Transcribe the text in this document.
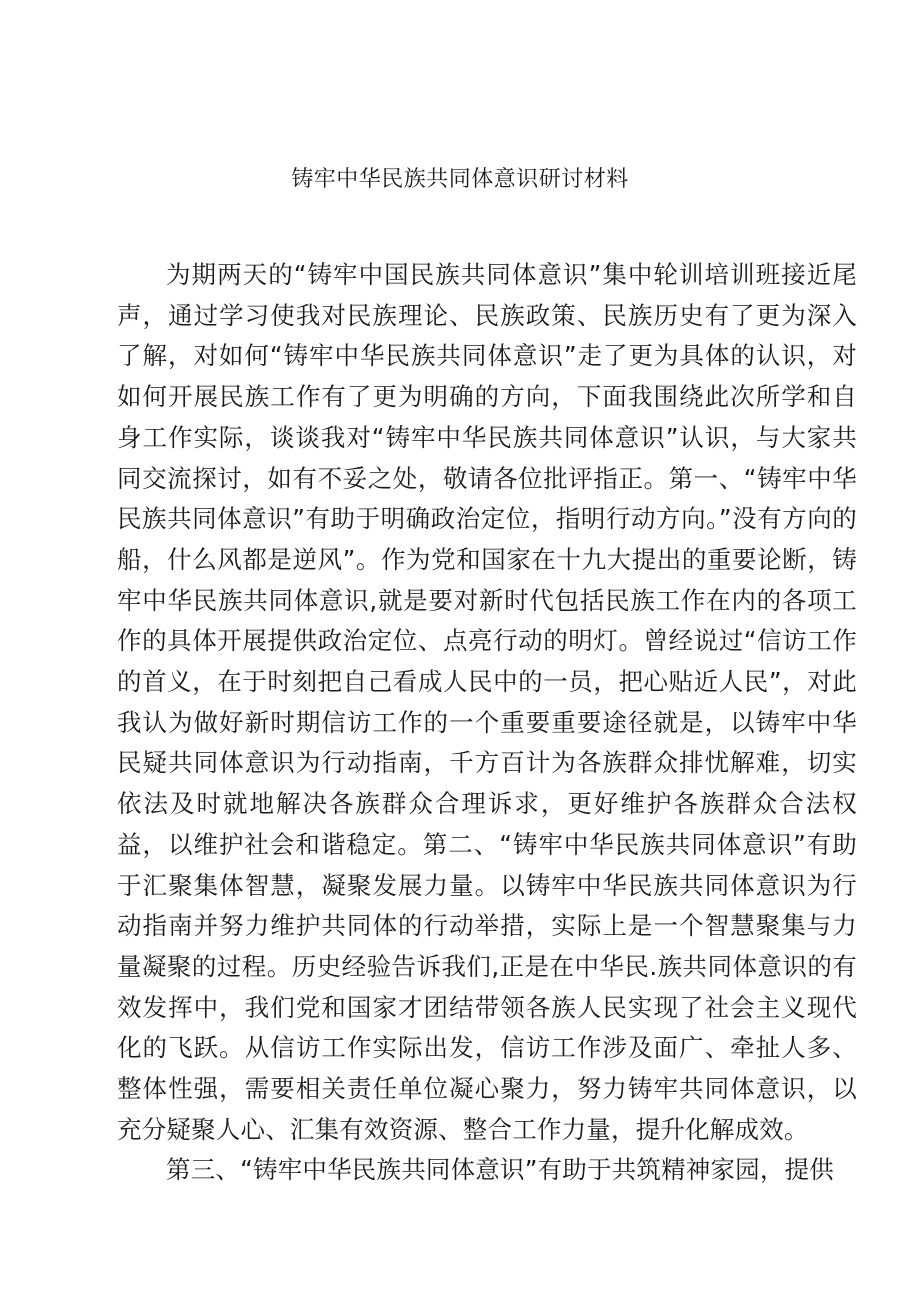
铸牢中华民族共同体意识研讨材料

为期两天的“铸牢中国民族共同体意识”集中轮训培训班接近尾声，通过学习使我对民族理论、民族政策、民族历史有了更为深入了解，对如何“铸牢中华民族共同体意识”走了更为具体的认识，对如何开展民族工作有了更为明确的方向，下面我围绕此次所学和自身工作实际，谈谈我对“铸牢中华民族共同体意识”认识，与大家共同交流探讨，如有不妥之处，敬请各位批评指正。第一、“铸牢中华民族共同体意识”有助于明确政治定位，指明行动方向。”没有方向的船，什么风都是逆风”。作为党和国家在十九大提出的重要论断，铸牢中华民族共同体意识,就是要对新时代包括民族工作在内的各项工作的具体开展提供政治定位、点亮行动的明灯。曾经说过“信访工作的首义，在于时刻把自己看成人民中的一员，把心贴近人民”，对此我认为做好新时期信访工作的一个重要重要途径就是，以铸牢中华民疑共同体意识为行动指南，千方百计为各族群众排忧解难，切实依法及时就地解决各族群众合理诉求，更好维护各族群众合法权益，以维护社会和谐稳定。第二、“铸牢中华民族共同体意识”有助于汇聚集体智慧，凝聚发展力量。以铸牢中华民族共同体意识为行动指南并努力维护共同体的行动举措，实际上是一个智慧聚集与力量凝聚的过程。历史经验告诉我们,正是在中华民.族共同体意识的有效发挥中，我们党和国家才团结带领各族人民实现了社会主义现代化的飞跃。从信访工作实际出发，信访工作涉及面广、牵扯人多、整体性强，需要相关责任单位凝心聚力，努力铸牢共同体意识，以充分疑聚人心、汇集有效资源、整合工作力量，提升化解成效。

第三、“铸牢中华民族共同体意识”有助于共筑精神家园，提供
